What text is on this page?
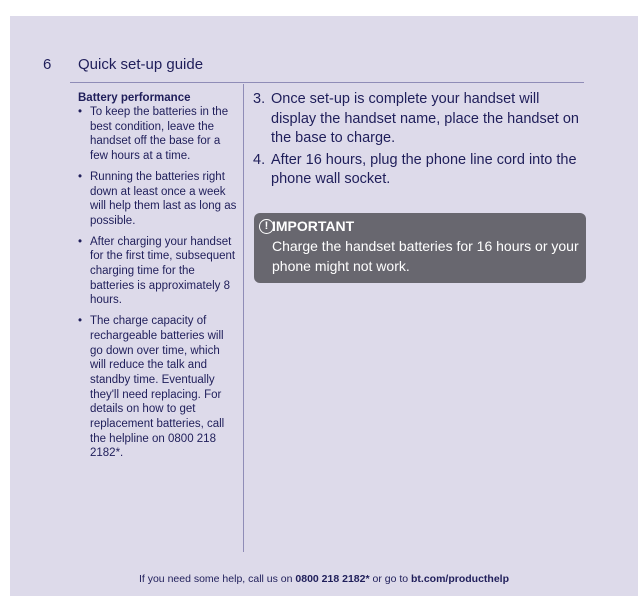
6 Quick set-up guide

Battery performance

• To keep the batteries in the best condition, leave the handset off the base for a few hours at a time.
• Running the batteries right down at least once a week will help them last as long as possible.
• After charging your handset for the first time, subsequent charging time for the batteries is approximately 8 hours.
• The charge capacity of rechargeable batteries will go down over time, which will reduce the talk and standby time. Eventually they'll need replacing. For details on how to get replacement batteries, call the helpline on 0800 218 2182*.
3. Once set-up is complete your handset will display the handset name, place the handset on the base to charge.
4. After 16 hours, plug the phone line cord into the phone wall socket.
! IMPORTANT
Charge the handset batteries for 16 hours or your phone might not work.
If you need some help, call us on 0800 218 2182* or go to bt.com/producthelp
